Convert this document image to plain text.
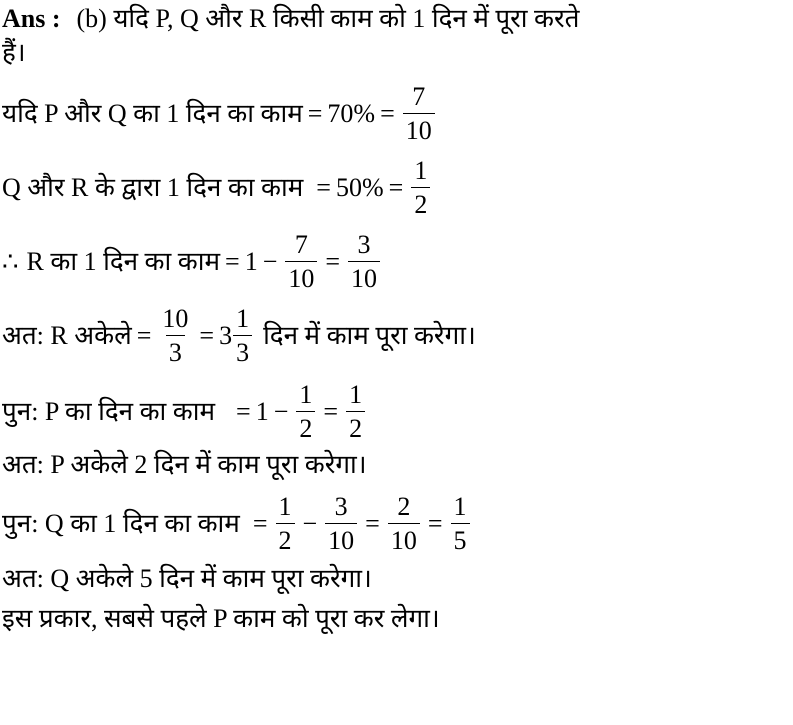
Ans : (b) यदि P, Q और R किसी काम को 1 दिन में पूरा करते
हैं।
यदि P और Q का 1 दिन का काम = $70\% = \frac{7}{10}$
Q और R के द्वारा 1 दिन का काम = $50\% = \frac{1}{2}$
∴ R का 1 दिन का काम = $1 - \frac{7}{10} = \frac{3}{10}$
अत: R अकेले = $\frac{10}{3} = 3 \frac{1}{3}$ दिन में काम पूरा करेगा।
पुन: P का दिन का काम = $1 - \frac{1}{2} = \frac{1}{2}$
अत: P अकेले 2 दिन में काम पूरा करेगा।
पुन: Q का 1 दिन का काम = $\frac{1}{2} - \frac{3}{10} = \frac{2}{10} = \frac{1}{5}$
अत: Q अकेले 5 दिन में काम पूरा करेगा।
इस प्रकार, सबसे पहले P काम को पूरा कर लेगा।
